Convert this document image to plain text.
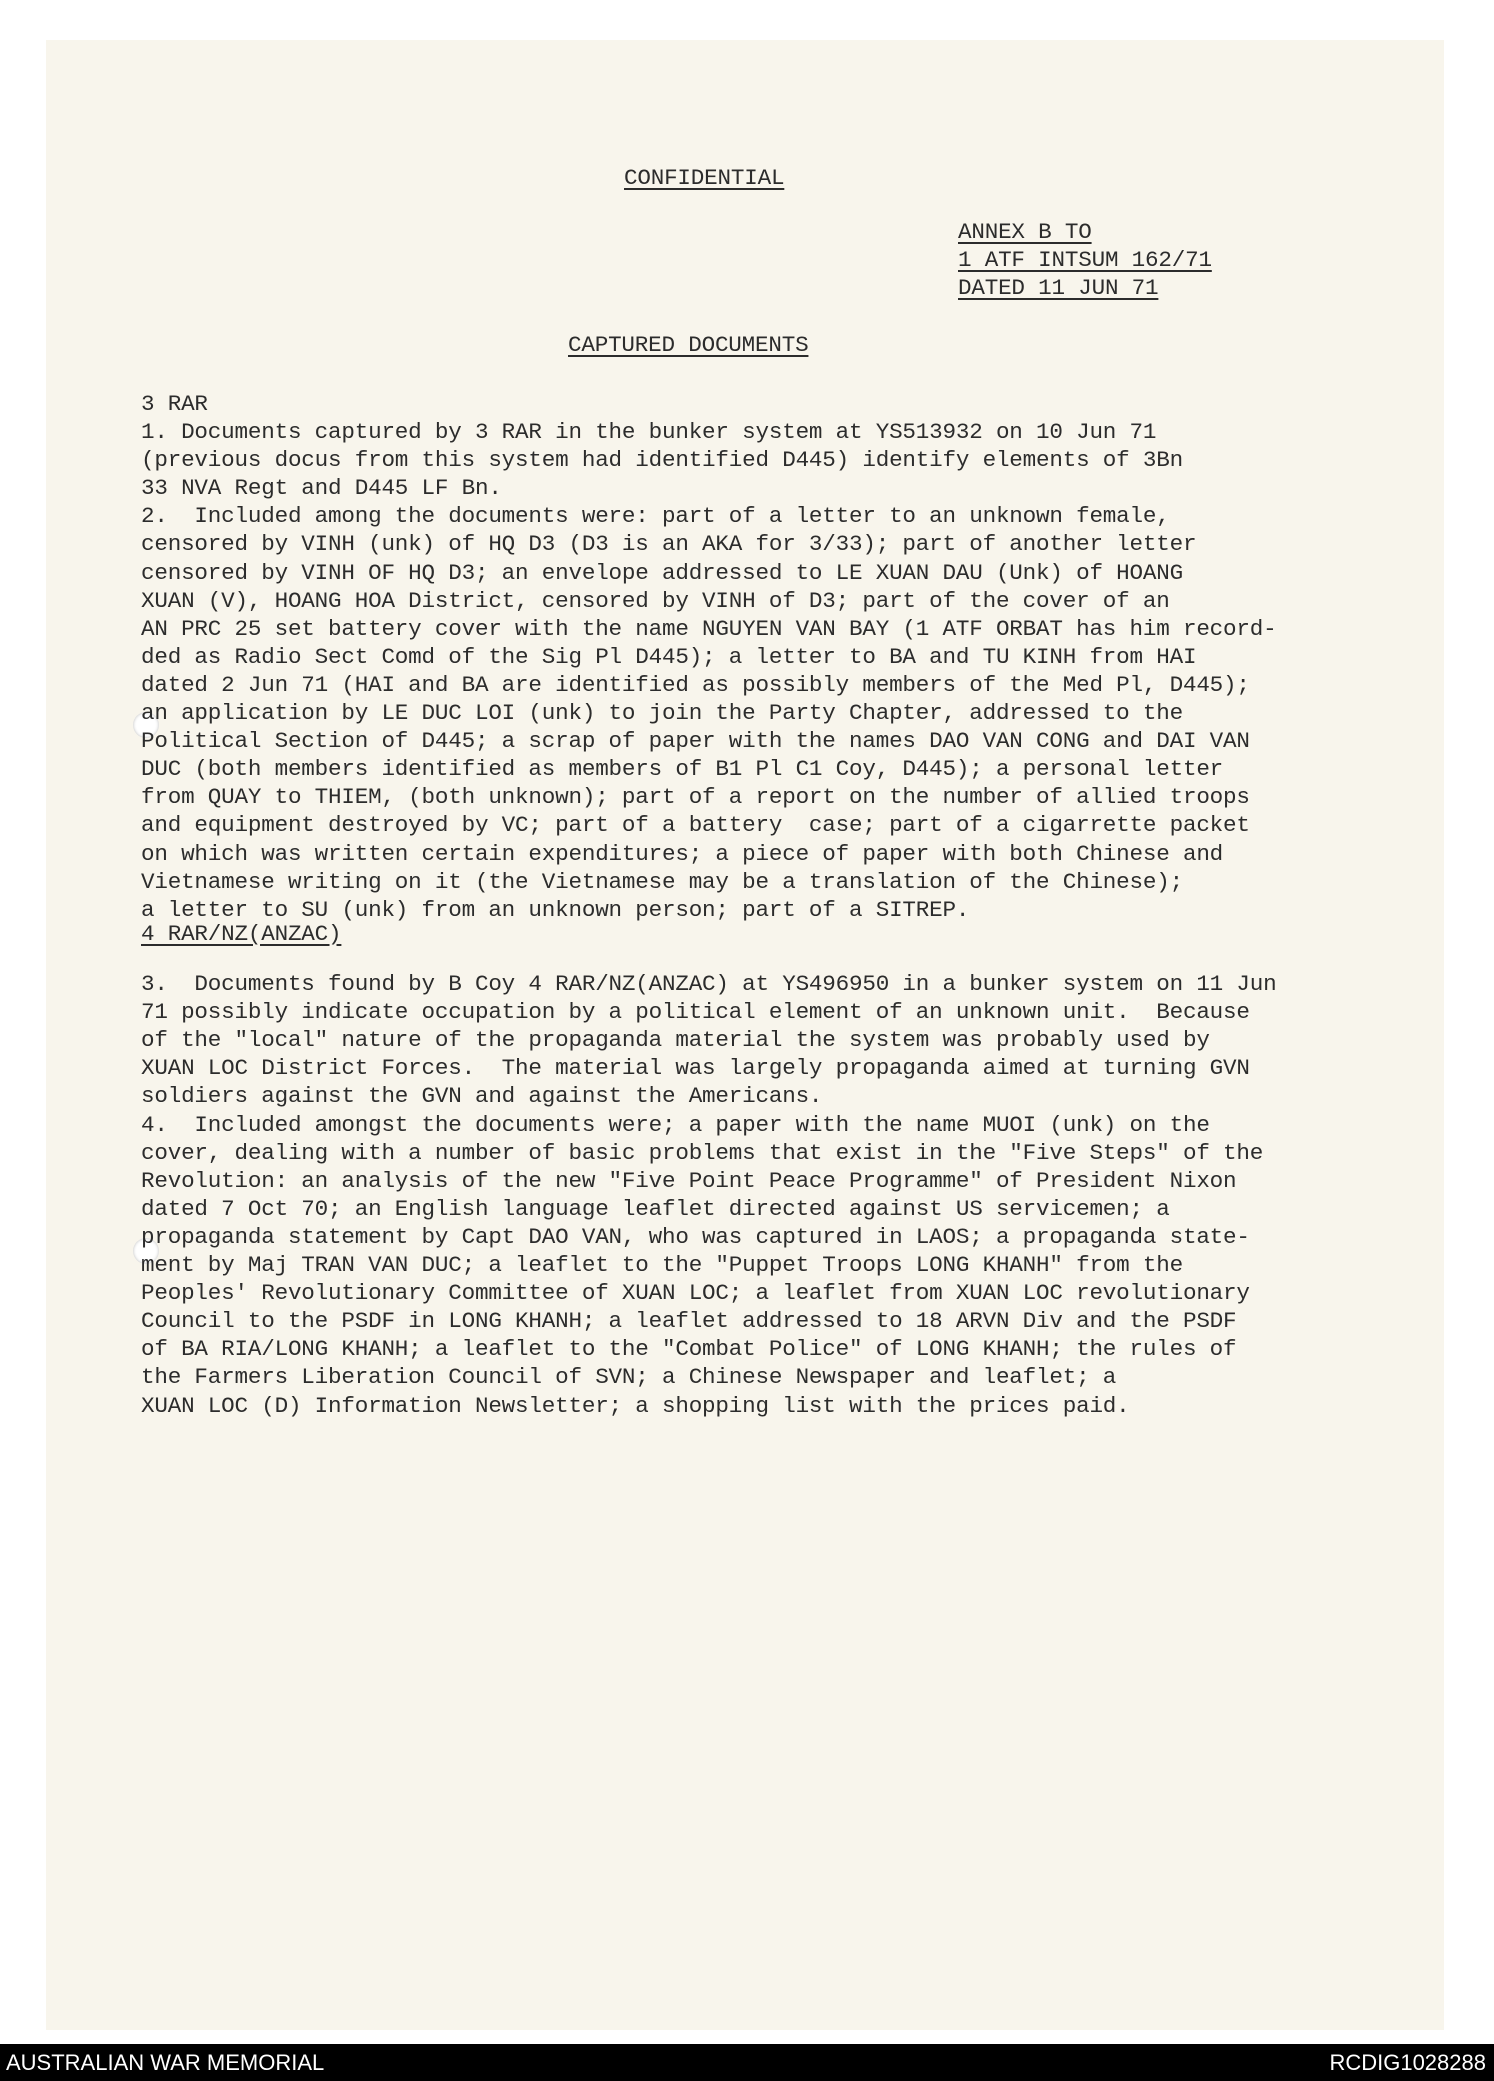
CONFIDENTIAL
ANNEX B TO
1 ATF INTSUM 162/71
DATED 11 JUN 71
CAPTURED DOCUMENTS
3 RAR
1. Documents captured by 3 RAR in the bunker system at YS513932 on 10 Jun 71
(previous docus from this system had identified D445) identify elements of 3Bn
33 NVA Regt and D445 LF Bn.
2.  Included among the documents were: part of a letter to an unknown female,
censored by VINH (unk) of HQ D3 (D3 is an AKA for 3/33); part of another letter
censored by VINH OF HQ D3; an envelope addressed to LE XUAN DAU (Unk) of HOANG
XUAN (V), HOANG HOA District, censored by VINH of D3; part of the cover of an
AN PRC 25 set battery cover with the name NGUYEN VAN BAY (1 ATF ORBAT has him record-
ded as Radio Sect Comd of the Sig Pl D445); a letter to BA and TU KINH from HAI
dated 2 Jun 71 (HAI and BA are identified as possibly members of the Med Pl, D445);
an application by LE DUC LOI (unk) to join the Party Chapter, addressed to the
Political Section of D445; a scrap of paper with the names DAO VAN CONG and DAI VAN
DUC (both members identified as members of B1 Pl C1 Coy, D445); a personal letter
from QUAY to THIEM, (both unknown); part of a report on the number of allied troops
and equipment destroyed by VC; part of a battery  case; part of a cigarrette packet
on which was written certain expenditures; a piece of paper with both Chinese and
Vietnamese writing on it (the Vietnamese may be a translation of the Chinese);
a letter to SU (unk) from an unknown person; part of a SITREP.
4 RAR/NZ(ANZAC)
3.  Documents found by B Coy 4 RAR/NZ(ANZAC) at YS496950 in a bunker system on 11 Jun
71 possibly indicate occupation by a political element of an unknown unit.  Because
of the "local" nature of the propaganda material the system was probably used by
XUAN LOC District Forces.  The material was largely propaganda aimed at turning GVN
soldiers against the GVN and against the Americans.
4.  Included amongst the documents were; a paper with the name MUOI (unk) on the
cover, dealing with a number of basic problems that exist in the "Five Steps" of the
Revolution: an analysis of the new "Five Point Peace Programme" of President Nixon
dated 7 Oct 70; an English language leaflet directed against US servicemen; a
propaganda statement by Capt DAO VAN, who was captured in LAOS; a propaganda state-
ment by Maj TRAN VAN DUC; a leaflet to the "Puppet Troops LONG KHANH" from the
Peoples' Revolutionary Committee of XUAN LOC; a leaflet from XUAN LOC revolutionary
Council to the PSDF in LONG KHANH; a leaflet addressed to 18 ARVN Div and the PSDF
of BA RIA/LONG KHANH; a leaflet to the "Combat Police" of LONG KHANH; the rules of
the Farmers Liberation Council of SVN; a Chinese Newspaper and leaflet; a
XUAN LOC (D) Information Newsletter; a shopping list with the prices paid.
AUSTRALIAN WAR MEMORIAL	RCDIG1028288
